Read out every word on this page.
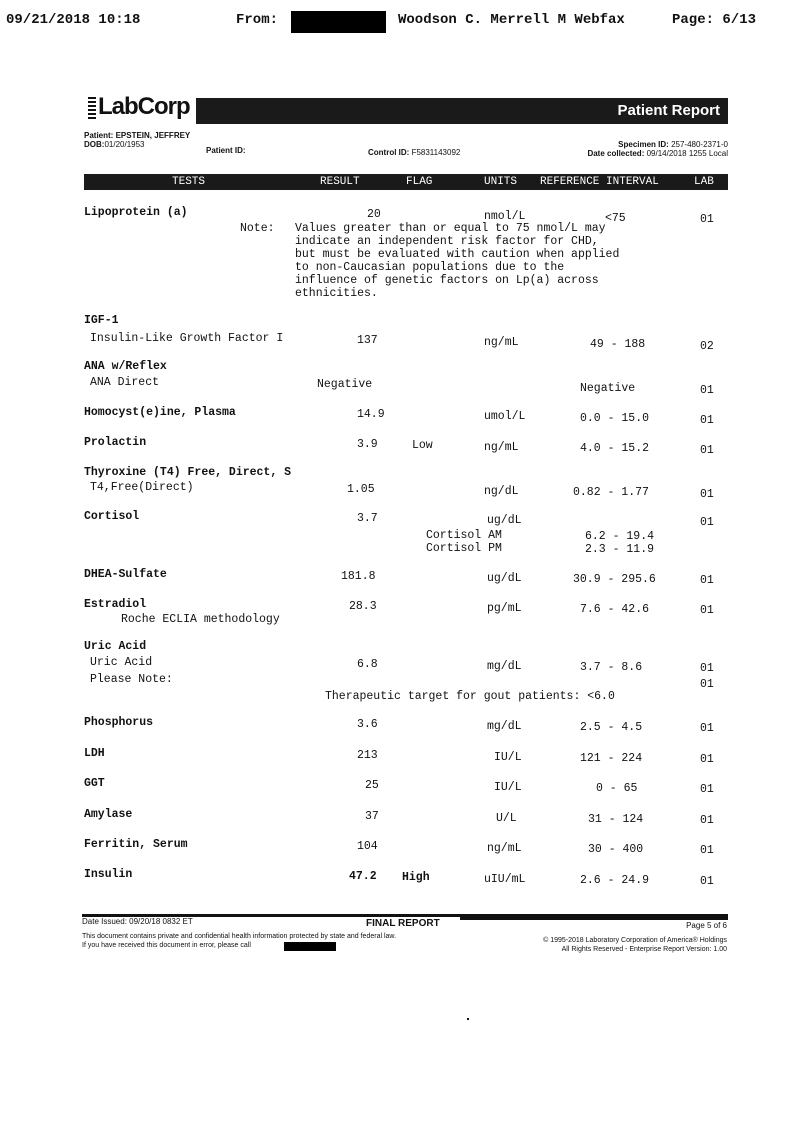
09/21/2018 10:18	From:	Woodson C. Merrell M Webfax	Page: 6/13
LabCorp	Patient Report
Patient: EPSTEIN, JEFFREY
DOB:01/20/1953
Patient ID:	Control ID: F5831143092
Specimen ID: 257-480-2371-0
Date collected: 09/14/2018 1255 Local
TESTS	RESULT	FLAG	UNITS REFERENCE INTERVAL	LAB
Lipoprotein (a)	20	nmol/L	<75	01
Note: Values greater than or equal to 75 nmol/L may
indicate an independent risk factor for CHD,
but must be evaluated with caution when applied
to non-Caucasian populations due to the
influence of genetic factors on Lp(a) across
ethnicities.
IGF-1
Insulin-Like Growth Factor I	137	ng/mL	49 - 188	02
ANA w/Reflex
ANA Direct	Negative	Negative	01
Homocyst(e)ine, Plasma	14.9	umol/L	0.0 - 15.0	01
Prolactin	3.9	Low	ng/mL	4.0 - 15.2	01
Thyroxine (T4) Free, Direct, S
T4,Free(Direct)	1.05	ng/dL	0.82 - 1.77	01
Cortisol	3.7	ug/dL	01
Cortisol AM	6.2 - 19.4
Cortisol PM	2.3 - 11.9
DHEA-Sulfate	181.8	ug/dL	30.9 - 295.6	01
Estradiol	28.3	pg/mL	7.6 - 42.6	01
Roche ECLIA methodology
Uric Acid
Uric Acid	6.8	mg/dL	3.7 - 8.6	01
Please Note:	01
Therapeutic target for gout patients: <6.0
Phosphorus	3.6	mg/dL	2.5 - 4.5	01
LDH	213	IU/L	121 - 224	01
GGT	25	IU/L	0 - 65	01
Amylase	37	U/L	31 - 124	01
Ferritin, Serum	104	ng/mL	30 - 400	01
Insulin	47.2 High	uIU/mL	2.6 - 24.9	01
Date Issued: 09/20/18 0832 ET	FINAL REPORT	Page 5 of 6
This document contains private and confidential health information protected by state and federal law.
If you have received this document in error, please call
© 1995-2018 Laboratory Corporation of America® Holdings
All Rights Reserved - Enterprise Report Version: 1.00
